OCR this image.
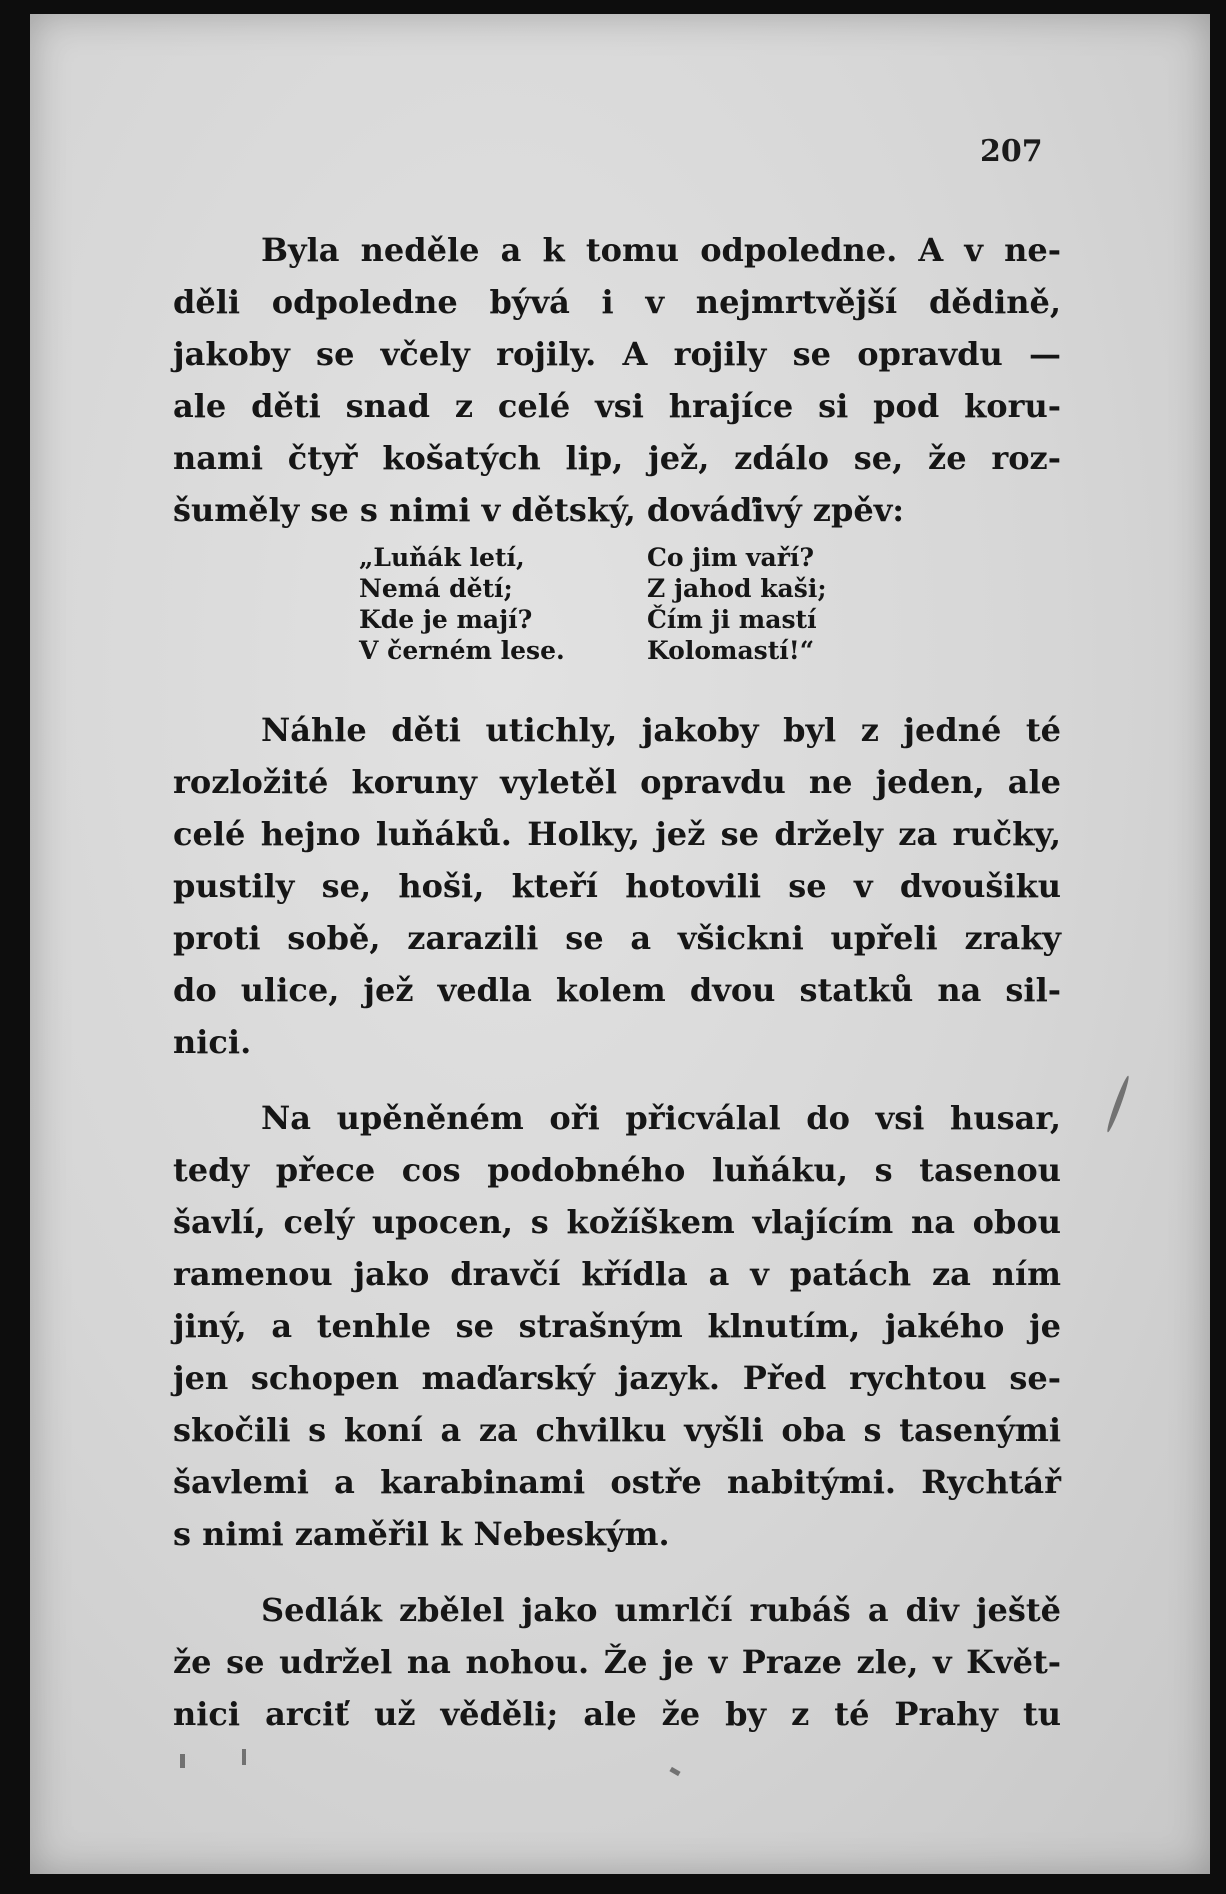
207
Byla neděle a k tomu odpoledne. A v ne-
děli odpoledne bývá i v nejmrtvější dědině,
jakoby se včely rojily. A rojily se opravdu —
ale děti snad z celé vsi hrajíce si pod koru-
nami čtyř košatých lip, jež, zdálo se, že roz-
šuměly se s nimi v dětský, dováďivý zpěv:
„Luňák letí,
Nemá dětí;
Kde je mají?
V černém lese.
Co jim vaří?
Z jahod kaši;
Čím ji mastí
Kolomastí!“
Náhle děti utichly, jakoby byl z jedné té
rozložité koruny vyletěl opravdu ne jeden, ale
celé hejno luňáků. Holky, jež se držely za ručky,
pustily se, hoši, kteří hotovili se v dvoušiku
proti sobě, zarazili se a všickni upřeli zraky
do ulice, jež vedla kolem dvou statků na sil-
nici.
Na upěněném oři přicválal do vsi husar,
tedy přece cos podobného luňáku, s tasenou
šavlí, celý upocen, s kožíškem vlajícím na obou
ramenou jako dravčí křídla a v patách za ním
jiný, a tenhle se strašným klnutím, jakého je
jen schopen maďarský jazyk. Před rychtou se-
skočili s koní a za chvilku vyšli oba s tasenými
šavlemi a karabinami ostře nabitými. Rychtář
s nimi zaměřil k Nebeským.
Sedlák zbělel jako umrlčí rubáš a div ještě
že se udržel na nohou. Že je v Praze zle, v Květ-
nici arciť už věděli; ale že by z té Prahy tu
